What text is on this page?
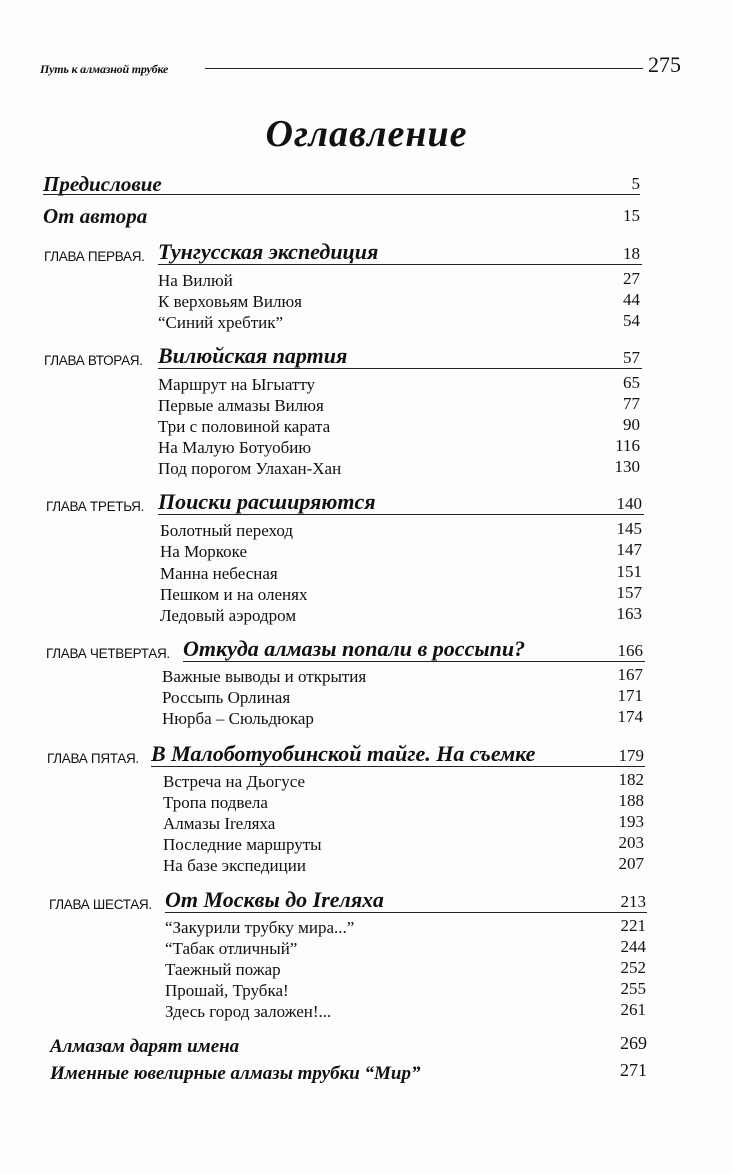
Путь к алмазной трубке	275
Оглавление
Предисловие	5
От автора	15
ГЛАВА ПЕРВАЯ. Тунгусская экспедиция	18
На Вилюй	27
К верховьям Вилюя	44
“Синий хребтик”	54
ГЛАВА ВТОРАЯ. Вилюйская партия	57
Маршрут на Ыгыатту	65
Первые алмазы Вилюя	77
Три с половиной карата	90
На Малую Ботуобию	116
Под порогом Улахан-Хан	130
ГЛАВА ТРЕТЬЯ. Поиски расширяются	140
Болотный переход	145
На Моркоке	147
Манна небесная	151
Пешком и на оленях	157
Ледовый аэродром	163
ГЛАВА ЧЕТВЕРТАЯ. Откуда алмазы попали в россыпи?	166
Важные выводы и открытия	167
Россыпь Орлиная	171
Нюрба – Сюльдюкар	174
ГЛАВА ПЯТАЯ. В Малоботуобинской тайге. На съемке	179
Встреча на Дьогусе	182
Тропа подвела	188
Алмазы Ireляха	193
Последние маршруты	203
На базе экспедиции	207
ГЛАВА ШЕСТАЯ. От Москвы до Ireляха	213
“Закурили трубку мира...”	221
“Табак отличный”	244
Таежный пожар	252
Прошай, Трубка!	255
Здесь город заложен!...	261
Алмазам дарят имена	269
Именные ювелирные алмазы трубки “Мир”	271
